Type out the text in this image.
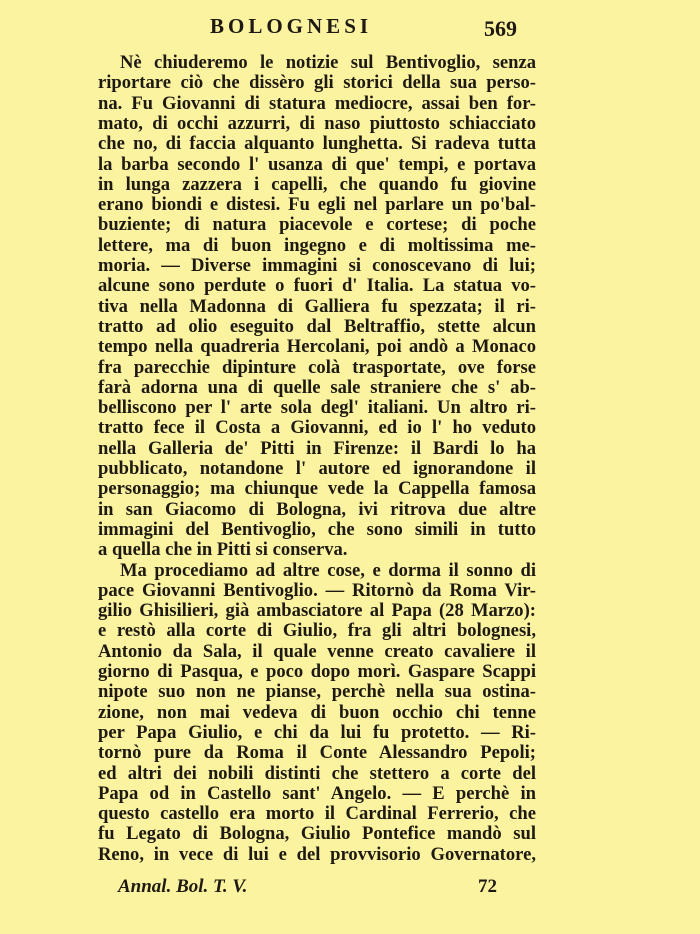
BOLOGNESI	569
Nè chiuderemo le notizie sul Bentivoglio, senza
riportare ciò che dissèro gli storici della sua perso-
na. Fu Giovanni di statura mediocre, assai ben for-
mato, di occhi azzurri, di naso piuttosto schiacciato
che no, di faccia alquanto lunghetta. Si radeva tutta
la barba secondo l' usanza di que' tempi, e portava
in lunga zazzera i capelli, che quando fu giovine
erano biondi e distesi. Fu egli nel parlare un po'bal-
buziente; di natura piacevole e cortese; di poche
lettere, ma di buon ingegno e di moltissima me-
moria. — Diverse immagini si conoscevano di lui;
alcune sono perdute o fuori d' Italia. La statua vo-
tiva nella Madonna di Galliera fu spezzata; il ri-
tratto ad olio eseguito dal Beltraffio, stette alcun
tempo nella quadreria Hercolani, poi andò a Monaco
fra parecchie dipinture colà trasportate, ove forse
farà adorna una di quelle sale straniere che s' ab-
belliscono per l' arte sola degl' italiani. Un altro ri-
tratto fece il Costa a Giovanni, ed io l' ho veduto
nella Galleria de' Pitti in Firenze: il Bardi lo ha
pubblicato, notandone l' autore ed ignorandone il
personaggio; ma chiunque vede la Cappella famosa
in san Giacomo di Bologna, ivi ritrova due altre
immagini del Bentivoglio, che sono simili in tutto
a quella che in Pitti si conserva.
Ma procediamo ad altre cose, e dorma il sonno di
pace Giovanni Bentivoglio. — Ritornò da Roma Vir-
gilio Ghisilieri, già ambasciatore al Papa (28 Marzo):
e restò alla corte di Giulio, fra gli altri bolognesi,
Antonio da Sala, il quale venne creato cavaliere il
giorno di Pasqua, e poco dopo morì. Gaspare Scappi
nipote suo non ne pianse, perchè nella sua ostina-
zione, non mai vedeva di buon occhio chi tenne
per Papa Giulio, e chi da lui fu protetto. — Ri-
tornò pure da Roma il Conte Alessandro Pepoli;
ed altri dei nobili distinti che stettero a corte del
Papa od in Castello sant' Angelo. — E perchè in
questo castello era morto il Cardinal Ferrerio, che
fu Legato di Bologna, Giulio Pontefice mandò sul
Reno, in vece di lui e del provvisorio Governatore,
Annal. Bol. T. V.	72
